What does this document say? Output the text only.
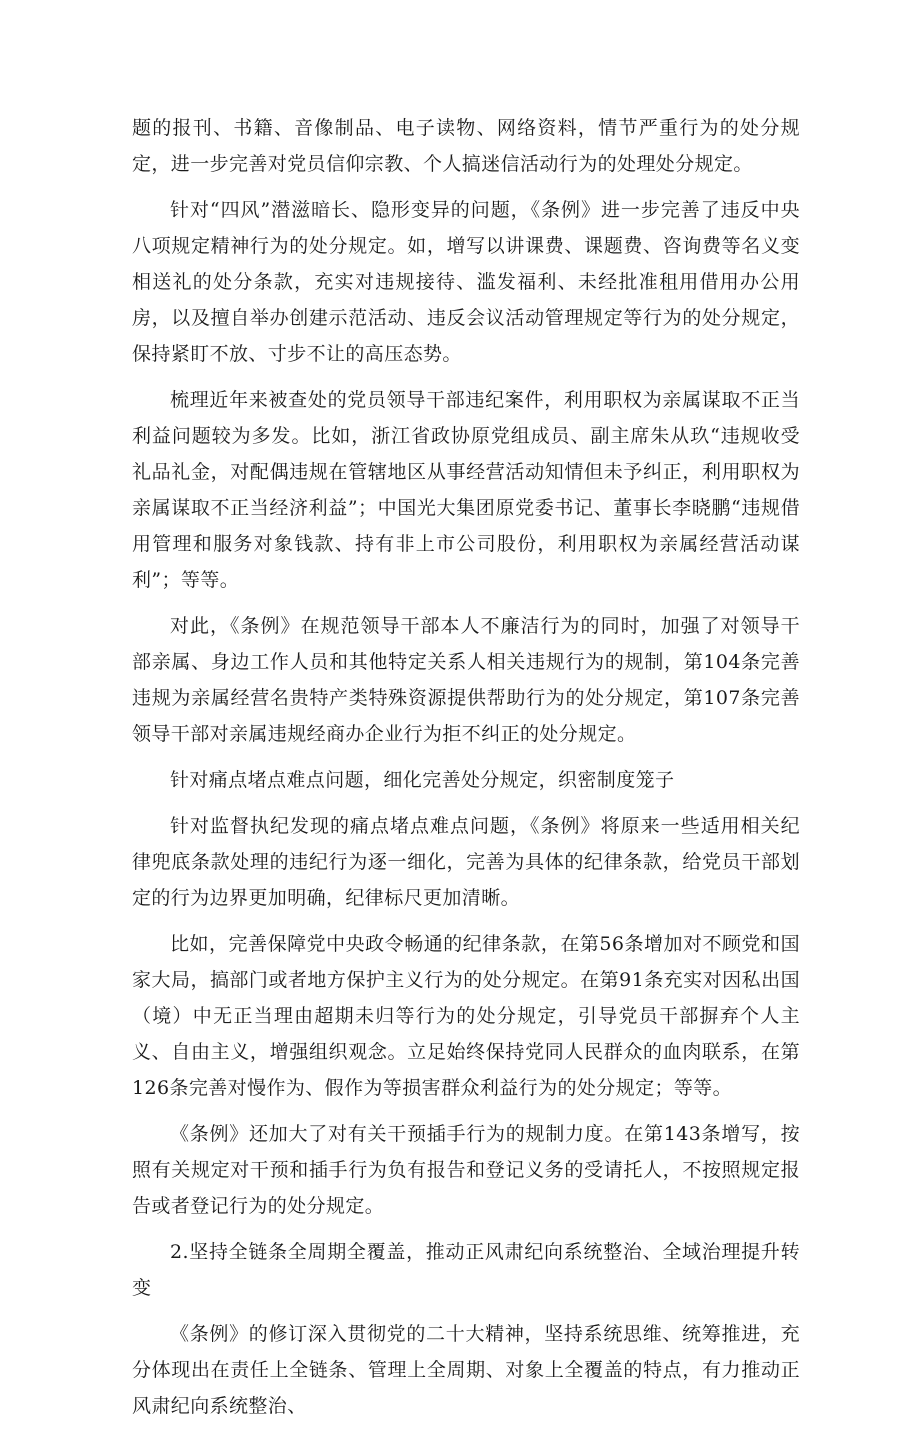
题的报刊、书籍、音像制品、电子读物、网络资料，情节严重行为的处分规定，进一步完善对党员信仰宗教、个人搞迷信活动行为的处理处分规定。

针对“四风”潜滋暗长、隐形变异的问题，《条例》进一步完善了违反中央八项规定精神行为的处分规定。如，增写以讲课费、课题费、咨询费等名义变相送礼的处分条款，充实对违规接待、滥发福利、未经批准租用借用办公用房，以及擅自举办创建示范活动、违反会议活动管理规定等行为的处分规定，保持紧盯不放、寸步不让的高压态势。

梳理近年来被查处的党员领导干部违纪案件，利用职权为亲属谋取不正当利益问题较为多发。比如，浙江省政协原党组成员、副主席朱从玖“违规收受礼品礼金，对配偶违规在管辖地区从事经营活动知情但未予纠正，利用职权为亲属谋取不正当经济利益”；中国光大集团原党委书记、董事长李晓鹏“违规借用管理和服务对象钱款、持有非上市公司股份，利用职权为亲属经营活动谋利”；等等。

对此，《条例》在规范领导干部本人不廉洁行为的同时，加强了对领导干部亲属、身边工作人员和其他特定关系人相关违规行为的规制，第104条完善违规为亲属经营名贵特产类特殊资源提供帮助行为的处分规定，第107条完善领导干部对亲属违规经商办企业行为拒不纠正的处分规定。

针对痛点堵点难点问题，细化完善处分规定，织密制度笼子

针对监督执纪发现的痛点堵点难点问题，《条例》将原来一些适用相关纪律兜底条款处理的违纪行为逐一细化，完善为具体的纪律条款，给党员干部划定的行为边界更加明确，纪律标尺更加清晰。

比如，完善保障党中央政令畅通的纪律条款，在第56条增加对不顾党和国家大局，搞部门或者地方保护主义行为的处分规定。在第91条充实对因私出国（境）中无正当理由超期未归等行为的处分规定，引导党员干部摒弃个人主义、自由主义，增强组织观念。立足始终保持党同人民群众的血肉联系，在第126条完善对慢作为、假作为等损害群众利益行为的处分规定；等等。

《条例》还加大了对有关干预插手行为的规制力度。在第143条增写，按照有关规定对干预和插手行为负有报告和登记义务的受请托人，不按照规定报告或者登记行为的处分规定。

2.坚持全链条全周期全覆盖，推动正风肃纪向系统整治、全域治理提升转变

《条例》的修订深入贯彻党的二十大精神，坚持系统思维、统筹推进，充分体现出在责任上全链条、管理上全周期、对象上全覆盖的特点，有力推动正风肃纪向系统整治、
